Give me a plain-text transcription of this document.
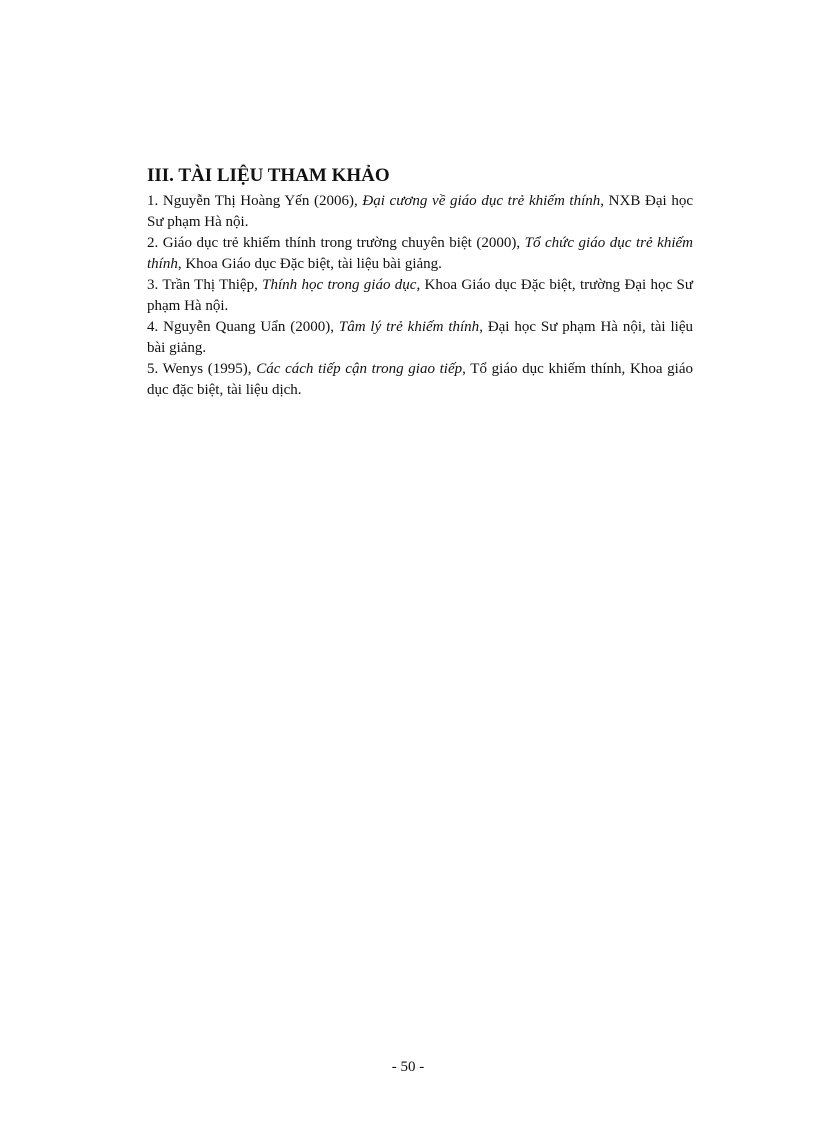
III. TÀI LIỆU THAM KHẢO

1. Nguyễn Thị Hoàng Yến (2006), Đại cương về giáo dục trẻ khiếm thính, NXB Đại học Sư phạm Hà nội.

2. Giáo dục trẻ khiếm thính trong trường chuyên biệt (2000), Tổ chức giáo dục trẻ khiếm thính, Khoa Giáo dục Đặc biệt, tài liệu bài giảng.

3. Trần Thị Thiệp, Thính học trong giáo dục, Khoa Giáo dục Đặc biệt, trường Đại học Sư phạm Hà nội.

4. Nguyễn Quang Uẩn (2000), Tâm lý trẻ khiếm thính, Đại học Sư phạm Hà nội, tài liệu bài giảng.

5. Wenys (1995), Các cách tiếp cận trong giao tiếp, Tổ giáo dục khiếm thính, Khoa giáo dục đặc biệt, tài liệu dịch.

- 50 -
